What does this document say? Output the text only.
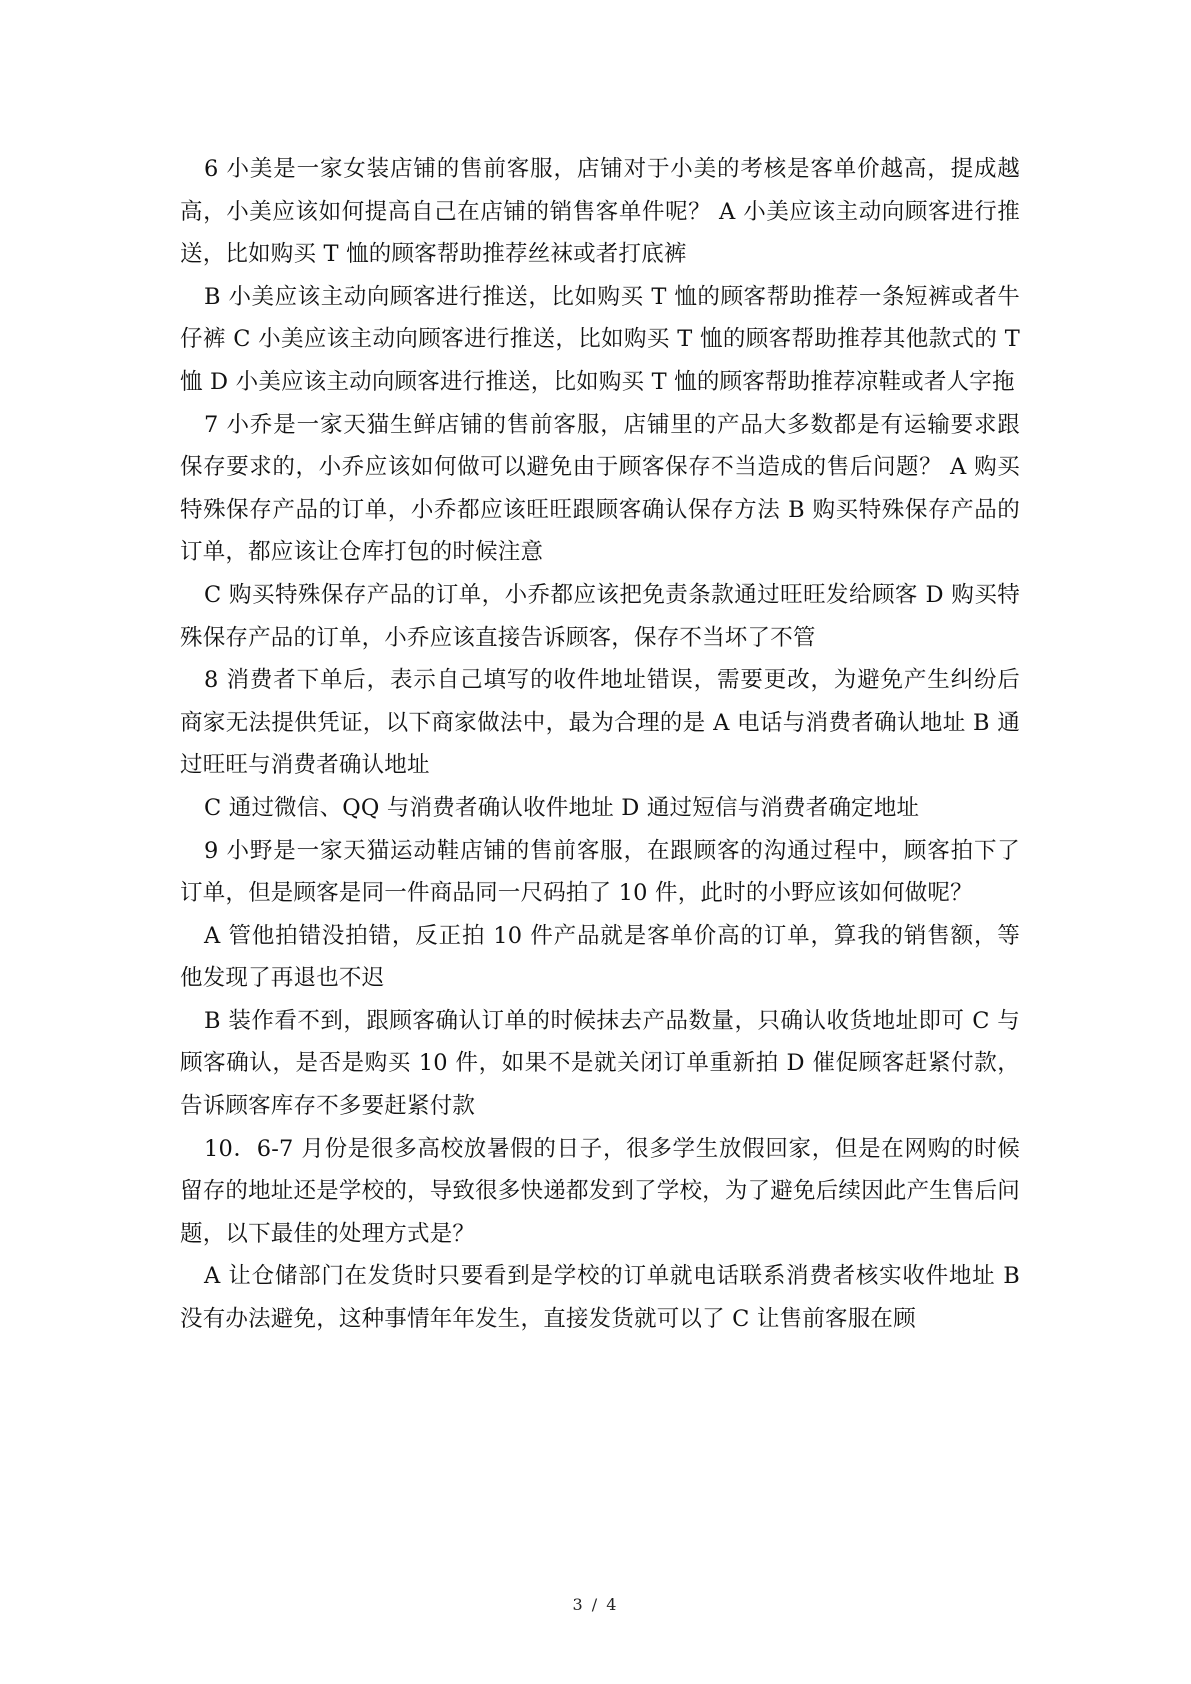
6 小美是一家女装店铺的售前客服，店铺对于小美的考核是客单价越高，提成越高，小美应该如何提高自己在店铺的销售客单件呢？ A 小美应该主动向顾客进行推送，比如购买 T 恤的顾客帮助推荐丝袜或者打底裤

B 小美应该主动向顾客进行推送，比如购买 T 恤的顾客帮助推荐一条短裤或者牛仔裤 C 小美应该主动向顾客进行推送，比如购买 T 恤的顾客帮助推荐其他款式的 T 恤 D 小美应该主动向顾客进行推送，比如购买 T 恤的顾客帮助推荐凉鞋或者人字拖

7 小乔是一家天猫生鲜店铺的售前客服，店铺里的产品大多数都是有运输要求跟保存要求的，小乔应该如何做可以避免由于顾客保存不当造成的售后问题？ A 购买特殊保存产品的订单，小乔都应该旺旺跟顾客确认保存方法 B 购买特殊保存产品的订单，都应该让仓库打包的时候注意

C 购买特殊保存产品的订单，小乔都应该把免责条款通过旺旺发给顾客 D 购买特殊保存产品的订单，小乔应该直接告诉顾客，保存不当坏了不管

8 消费者下单后，表示自己填写的收件地址错误，需要更改，为避免产生纠纷后商家无法提供凭证，以下商家做法中，最为合理的是 A 电话与消费者确认地址 B 通过旺旺与消费者确认地址

C 通过微信、QQ 与消费者确认收件地址 D 通过短信与消费者确定地址

9 小野是一家天猫运动鞋店铺的售前客服，在跟顾客的沟通过程中，顾客拍下了订单，但是顾客是同一件商品同一尺码拍了 10 件，此时的小野应该如何做呢？

A 管他拍错没拍错，反正拍 10 件产品就是客单价高的订单，算我的销售额，等他发现了再退也不迟

B 装作看不到，跟顾客确认订单的时候抹去产品数量，只确认收货地址即可 C 与顾客确认，是否是购买 10 件，如果不是就关闭订单重新拍 D 催促顾客赶紧付款，告诉顾客库存不多要赶紧付款

10．6-7 月份是很多高校放暑假的日子，很多学生放假回家，但是在网购的时候留存的地址还是学校的，导致很多快递都发到了学校，为了避免后续因此产生售后问题，以下最佳的处理方式是？

A 让仓储部门在发货时只要看到是学校的订单就电话联系消费者核实收件地址 B 没有办法避免，这种事情年年发生，直接发货就可以了 C 让售前客服在顾

3 / 4
